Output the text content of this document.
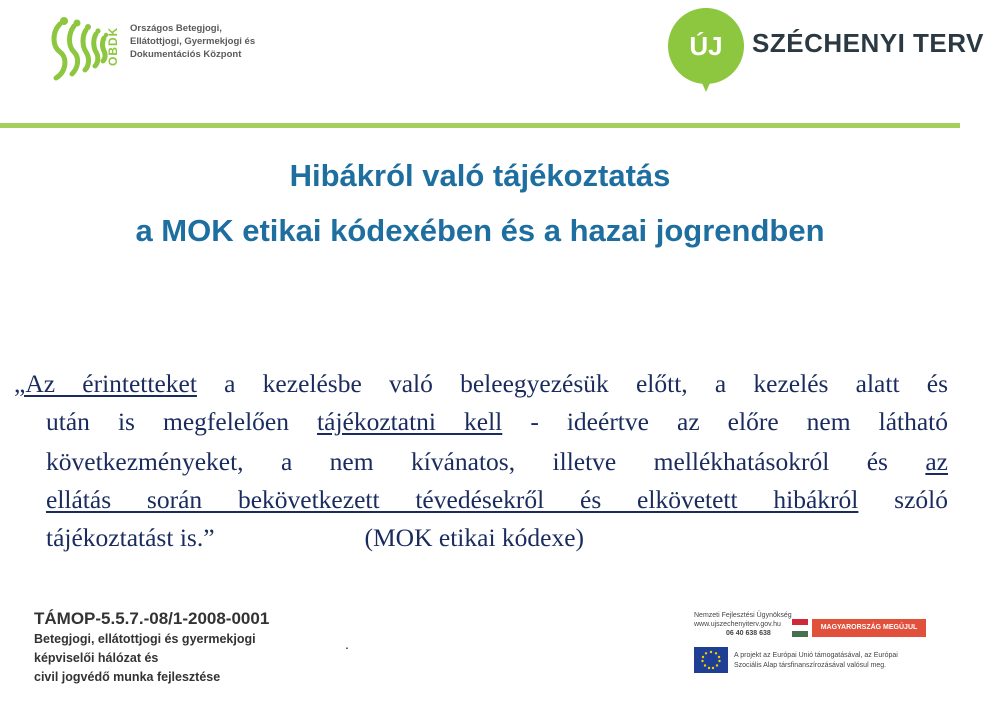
OBDK Országos Betegjogi,
Ellátottjogi, Gyermekjogi és
Dokumentációs Központ	ÚJ	SZÉCHENYI TERV
Hibákról való tájékoztatás
a MOK etikai kódexében és a hazai jogrendben
„Az érintetteket a kezelésbe való beleegyezésük előtt, a kezelés alatt és
után is megfelelően tájékoztatni kell - ideértve az előre nem látható
következményeket, a nem kívánatos, illetve mellékhatásokról és az
ellátás során bekövetkezett tévedésekről és elkövetett hibákról szóló
tájékoztatást is.”	(MOK etikai kódexe)
TÁMOP-5.5.7.-08/1-2008-0001
Betegjogi, ellátottjogi és gyermekjogi
képviselői hálózat és
civil jogvédő munka fejlesztése
.
Nemzeti Fejlesztési Ügynökség
www.ujszechenyiterv.gov.hu
06 40 638 638
MAGYARORSZÁG MEGÚJUL
A projekt az Európai Unió támogatásával, az Európai
Szociális Alap társfinanszírozásával valósul meg.
